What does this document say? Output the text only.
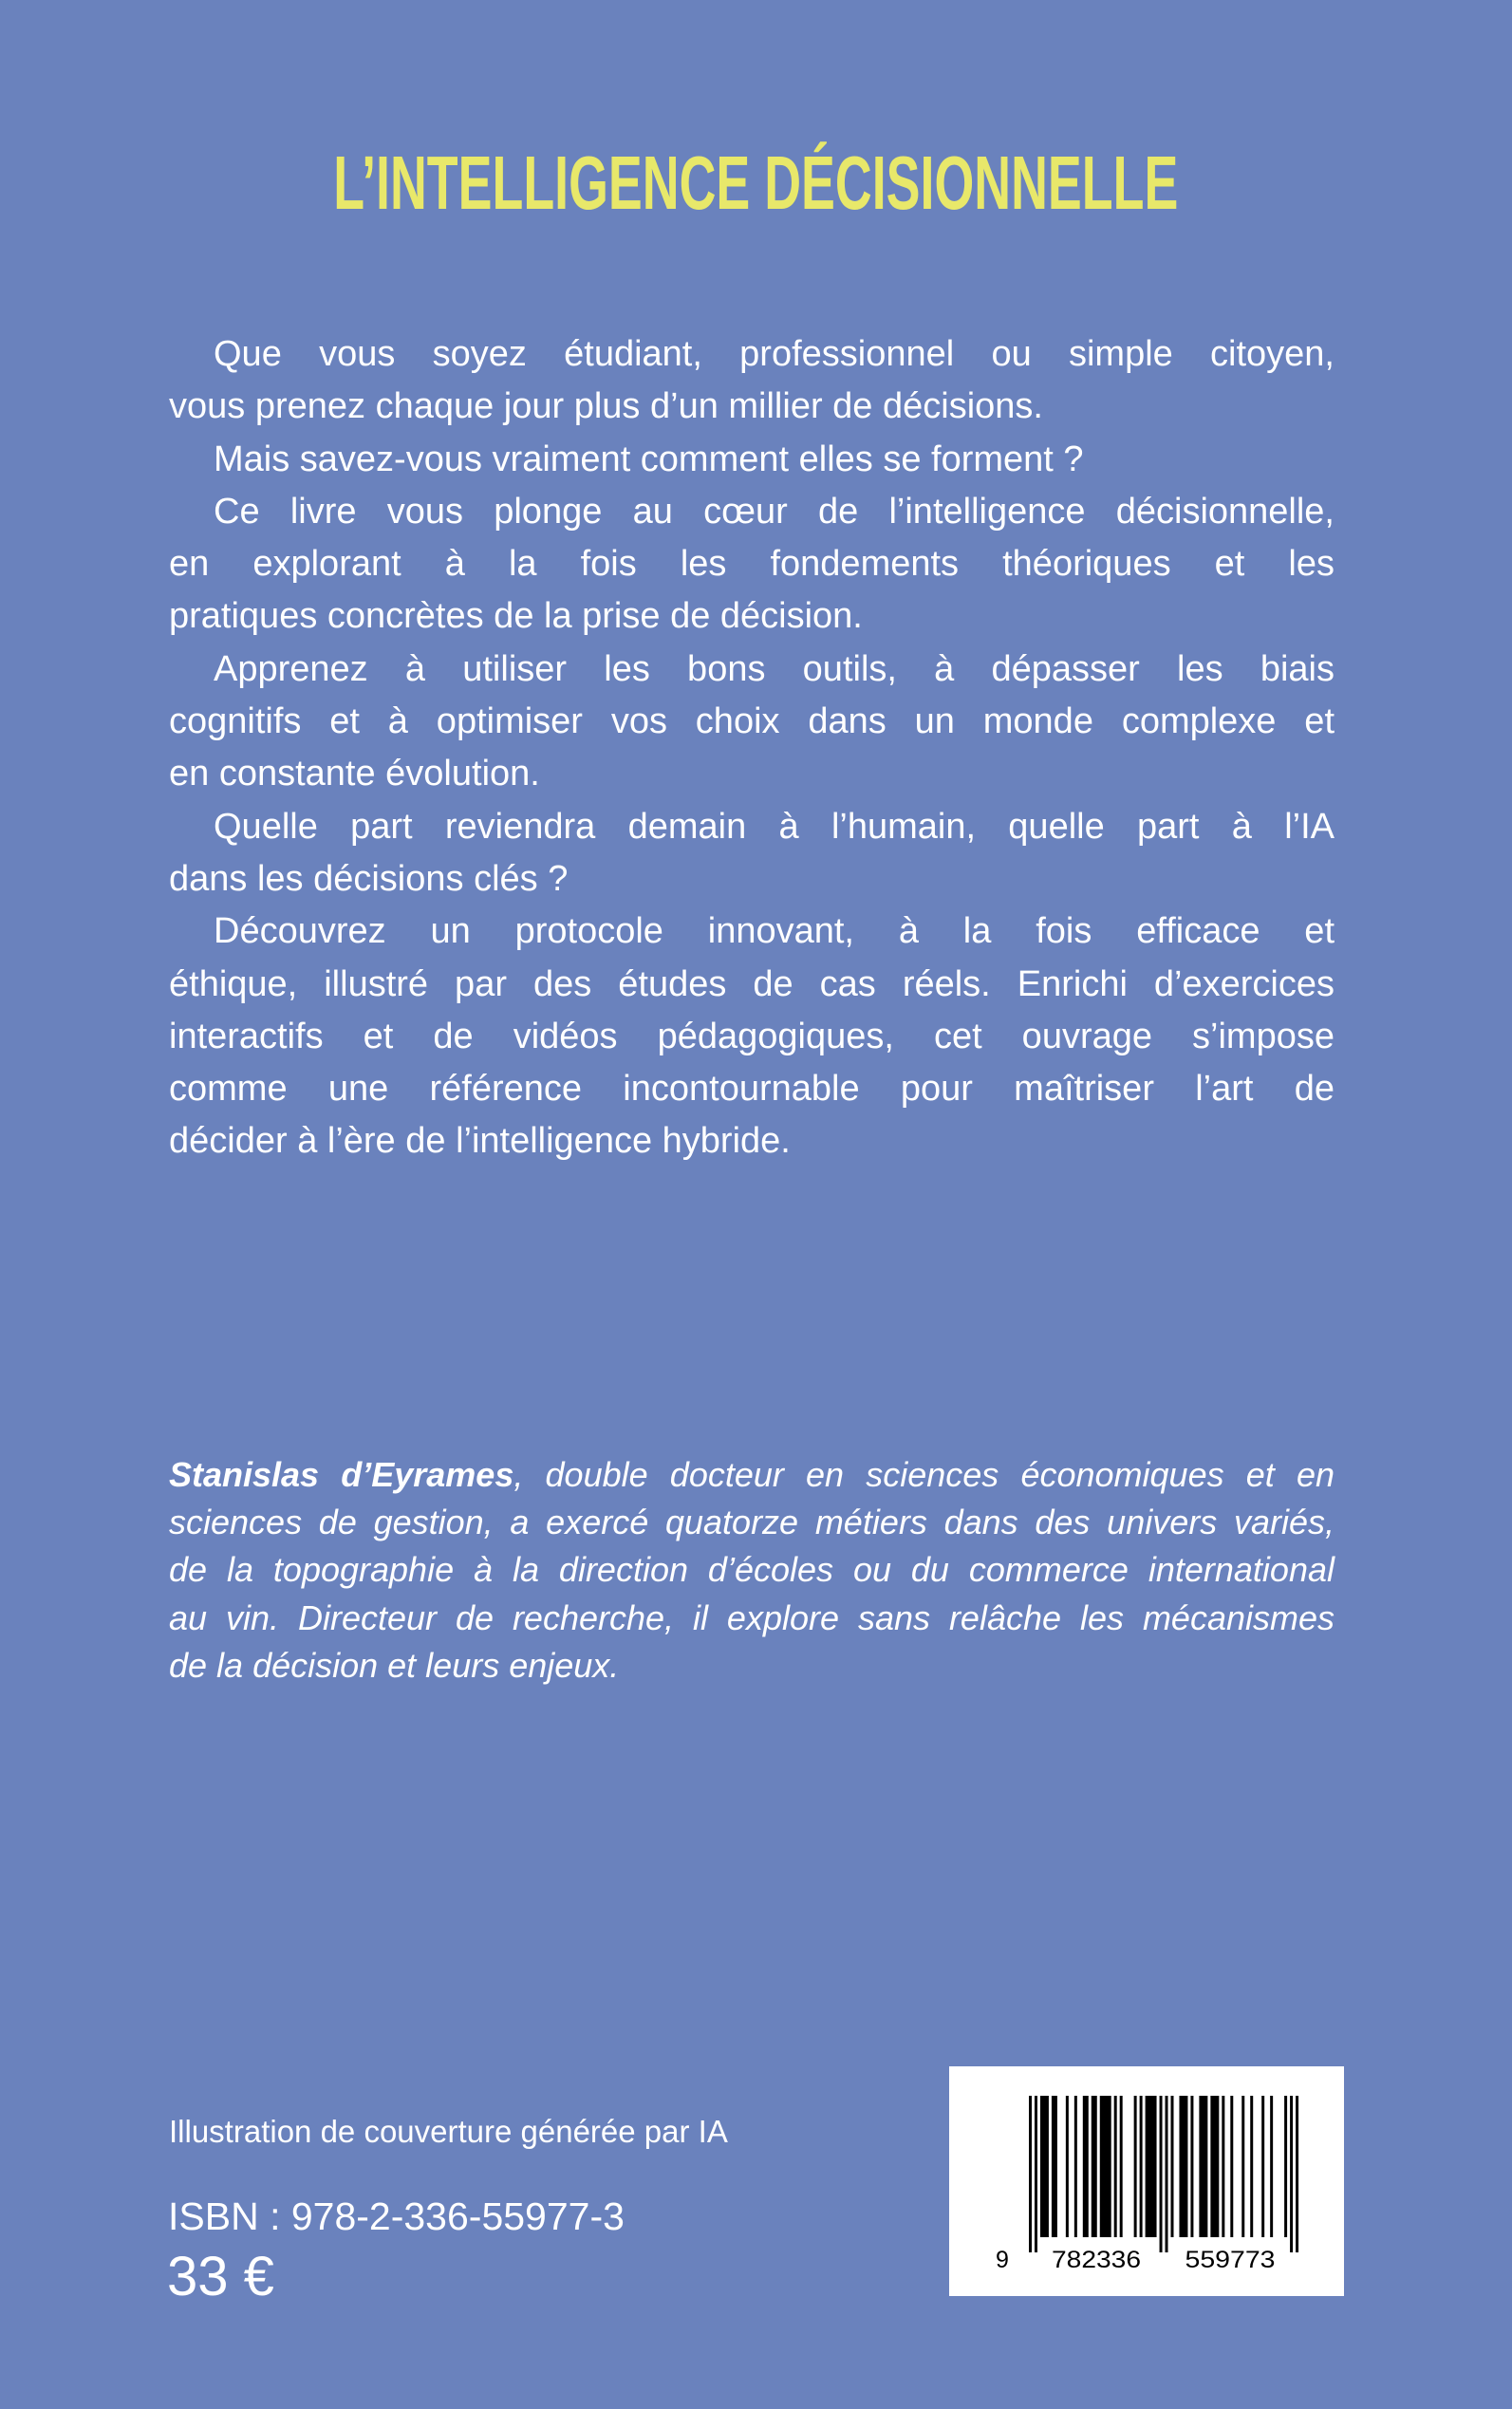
L’INTELLIGENCE DÉCISIONNELLE
Que vous soyez étudiant, professionnel ou simple citoyen,
vous prenez chaque jour plus d’un millier de décisions.
Mais savez-vous vraiment comment elles se forment ?
Ce livre vous plonge au cœur de l’intelligence décisionnelle,
en explorant à la fois les fondements théoriques et les
pratiques concrètes de la prise de décision.
Apprenez à utiliser les bons outils, à dépasser les biais
cognitifs et à optimiser vos choix dans un monde complexe et
en constante évolution.
Quelle part reviendra demain à l’humain, quelle part à l’IA
dans les décisions clés ?
Découvrez un protocole innovant, à la fois efficace et
éthique, illustré par des études de cas réels. Enrichi d’exercices
interactifs et de vidéos pédagogiques, cet ouvrage s’impose
comme une référence incontournable pour maîtriser l’art de
décider à l’ère de l’intelligence hybride.
Stanislas d’Eyrames, double docteur en sciences économiques et en
sciences de gestion, a exercé quatorze métiers dans des univers variés,
de la topographie à la direction d’écoles ou du commerce international
au vin. Directeur de recherche, il explore sans relâche les mécanismes
de la décision et leurs enjeux.
Illustration de couverture générée par IA
ISBN : 978-2-336-55977-3
33 €	9 782336 559773
